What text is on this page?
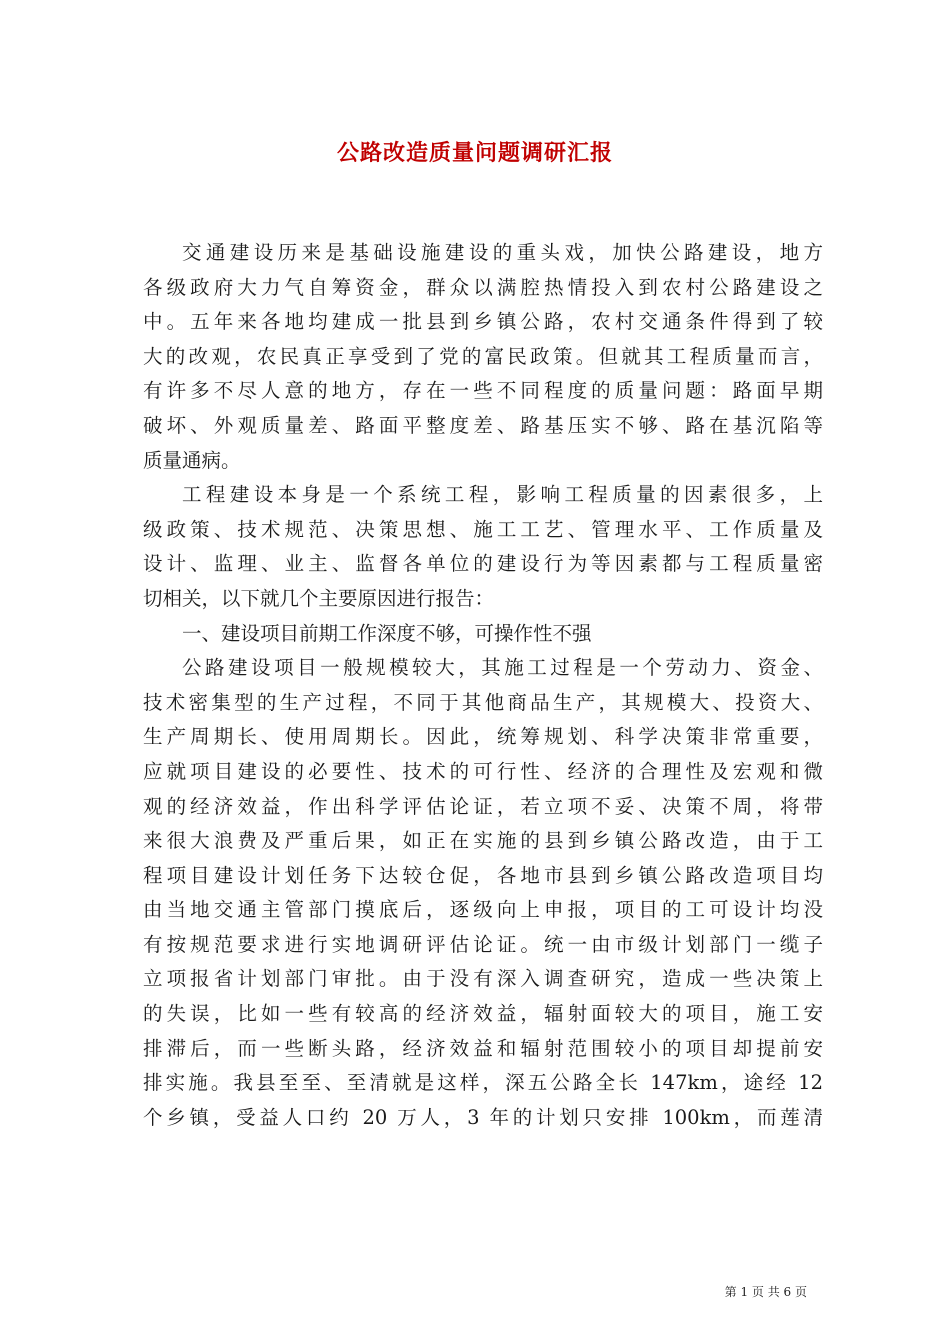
公路改造质量问题调研汇报
交通建设历来是基础设施建设的重头戏，加快公路建设，地方
各级政府大力气自筹资金，群众以满腔热情投入到农村公路建设之
中。五年来各地均建成一批县到乡镇公路，农村交通条件得到了较
大的改观，农民真正享受到了党的富民政策。但就其工程质量而言，
有许多不尽人意的地方，存在一些不同程度的质量问题：路面早期
破坏、外观质量差、路面平整度差、路基压实不够、路在基沉陷等
质量通病。
工程建设本身是一个系统工程，影响工程质量的因素很多，上
级政策、技术规范、决策思想、施工工艺、管理水平、工作质量及
设计、监理、业主、监督各单位的建设行为等因素都与工程质量密
切相关，以下就几个主要原因进行报告：
一、建设项目前期工作深度不够，可操作性不强
公路建设项目一般规模较大，其施工过程是一个劳动力、资金、
技术密集型的生产过程，不同于其他商品生产，其规模大、投资大、
生产周期长、使用周期长。因此，统筹规划、科学决策非常重要，
应就项目建设的必要性、技术的可行性、经济的合理性及宏观和微
观的经济效益，作出科学评估论证，若立项不妥、决策不周，将带
来很大浪费及严重后果，如正在实施的县到乡镇公路改造，由于工
程项目建设计划任务下达较仓促，各地市县到乡镇公路改造项目均
由当地交通主管部门摸底后，逐级向上申报，项目的工可设计均没
有按规范要求进行实地调研评估论证。统一由市级计划部门一缆子
立项报省计划部门审批。由于没有深入调查研究，造成一些决策上
的失误，比如一些有较高的经济效益，辐射面较大的项目，施工安
排滞后，而一些断头路，经济效益和辐射范围较小的项目却提前安
排实施。我县至至、至清就是这样，深五公路全长 147km，途经 12
个乡镇，受益人口约 20 万人，3 年的计划只安排 100km，而莲清
第 1 页 共 6 页
